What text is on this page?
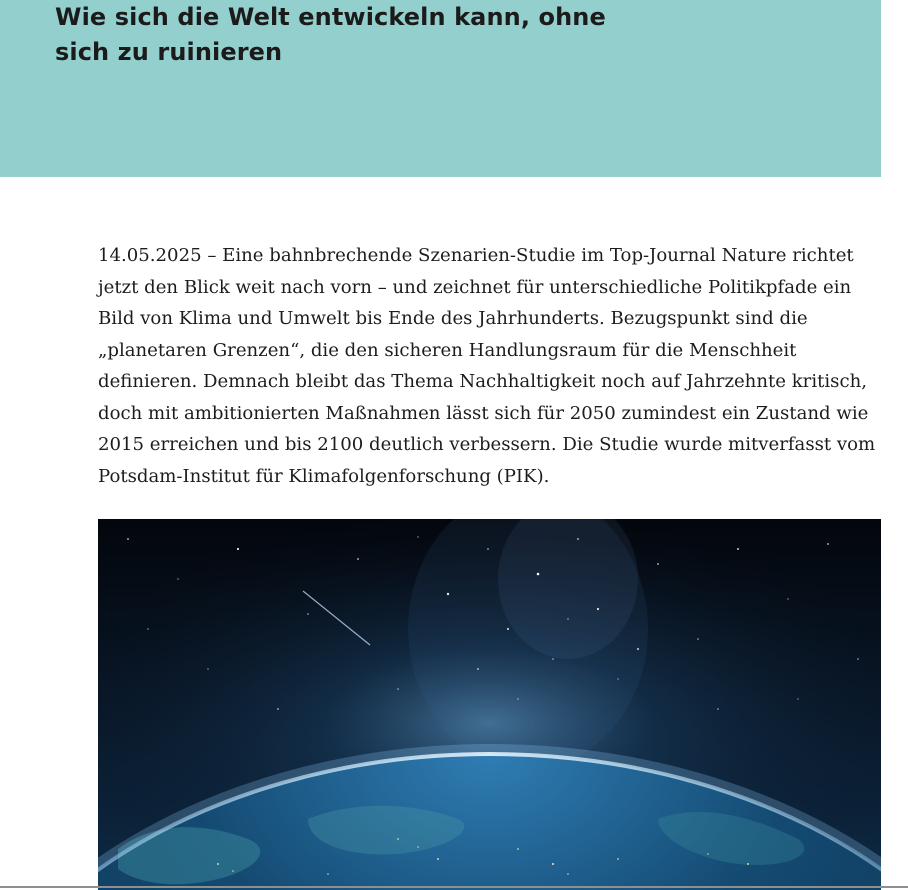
Wie sich die Welt entwickeln kann, ohne sich zu ruinieren

14.05.2025 – Eine bahnbrechende Szenarien-Studie im Top-Journal Nature richtet jetzt den Blick weit nach vorn – und zeichnet für unterschiedliche Politikpfade ein Bild von Klima und Umwelt bis Ende des Jahrhunderts. Bezugspunkt sind die „planetaren Grenzen“, die den sicheren Handlungsraum für die Menschheit definieren. Demnach bleibt das Thema Nachhaltigkeit noch auf Jahrzehnte kritisch, doch mit ambitionierten Maßnahmen lässt sich für 2050 zumindest ein Zustand wie 2015 erreichen und bis 2100 deutlich verbessern. Die Studie wurde mitverfasst vom Potsdam-Institut für Klimafolgenforschung (PIK).
